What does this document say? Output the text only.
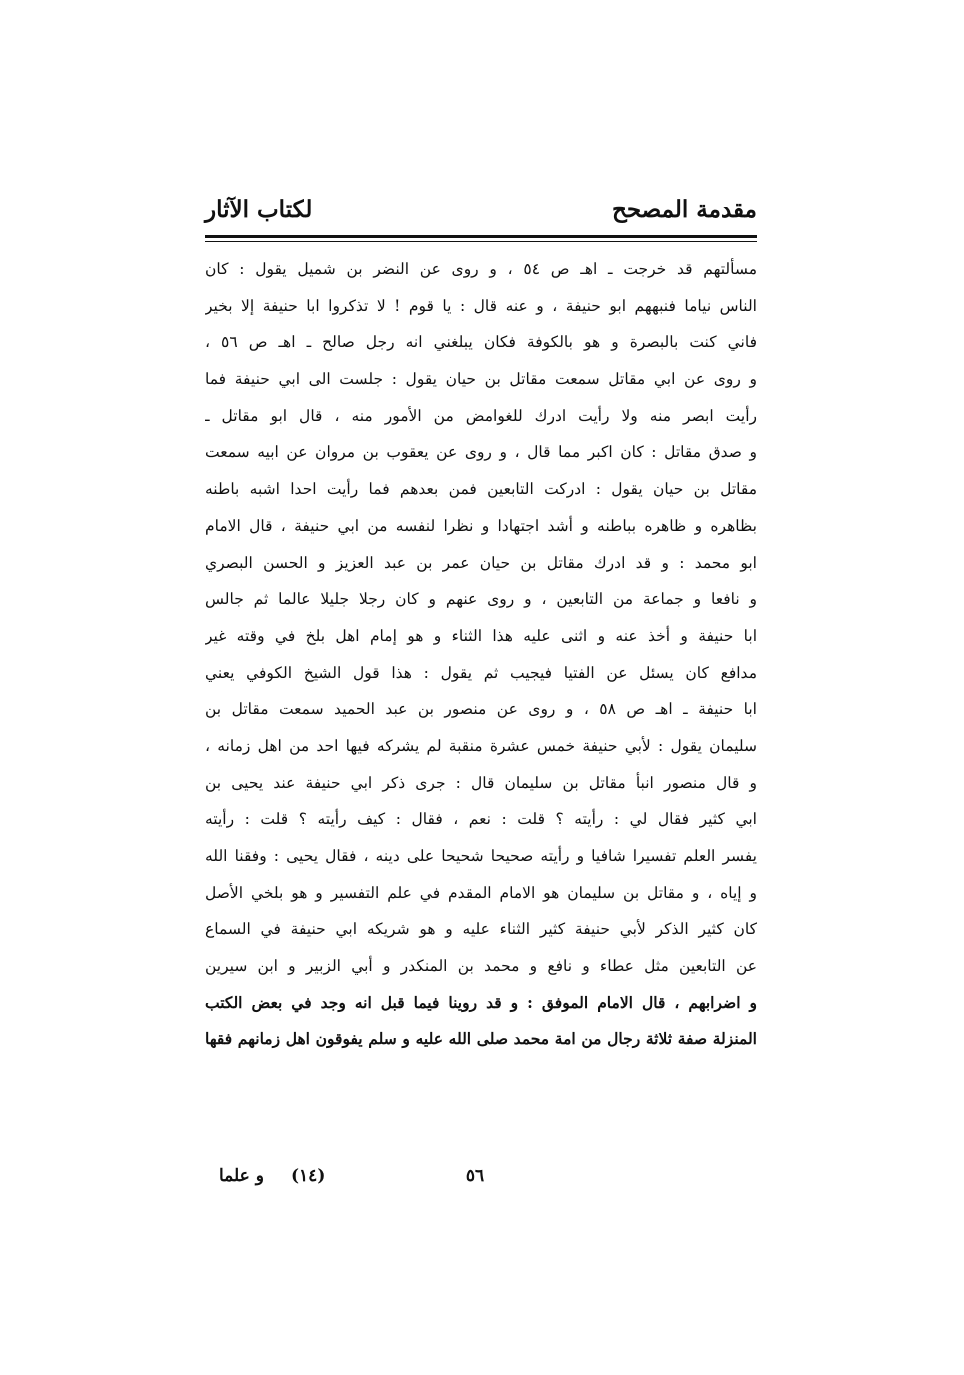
مقدمة المصحح
لكتاب الآثار
مسألتهم قد خرجت ـ اهـ ص ٥٤ ، و روى عن النضر بن شميل يقول : كان
الناس نياما فنبههم ابو حنيفة ، و عنه قال : يا قوم ! لا تذكروا ابا حنيفة إلا بخير
فاني كنت بالبصرة و هو بالكوفة فكان يبلغني انه رجل صالح ـ اهـ ص ٥٦ ،
و روى عن ابي مقاتل سمعت مقاتل بن حيان يقول : جلست الى ابي حنيفة فما
رأيت ابصر منه ولا رأيت ادرك للغوامض من الأمور منه ، قال ابو مقاتل ـ
و صدق مقاتل : كان اكبر مما قال ، و روى عن يعقوب بن مروان عن ابيه سمعت
مقاتل بن حيان يقول : ادركت التابعين فمن بعدهم فما رأيت احدا اشبه باطنه
بظاهره و ظاهره بباطنه و أشد اجتهادا و نظرا لنفسه من ابي حنيفة ، قال الامام
ابو محمد : و قد ادرك مقاتل بن حيان عمر بن عبد العزيز و الحسن البصري
و نافعا و جماعة من التابعين ، و روى عنهم و كان رجلا جليلا عالما ثم جالس
ابا حنيفة و أخذ عنه و اثنى عليه هذا الثناء و هو إمام اهل بلخ في وقته غير
مدافع كان يسئل عن الفتيا فيجيب ثم يقول : هذا قول الشيخ الكوفي يعني
ابا حنيفة ـ اهـ ص ٥٨ ، و روى عن منصور بن عبد الحميد سمعت مقاتل بن
سليمان يقول : لأبي حنيفة خمس عشرة منقبة لم يشركه فيها احد من اهل زمانه ،
و قال منصور انبأ مقاتل بن سليمان قال : جرى ذكر ابي حنيفة عند يحيى بن
ابي كثير فقال لي : رأيته ؟ قلت : نعم ، فقال : كيف رأيته ؟ قلت : رأيته
يفسر العلم تفسيرا شافيا و رأيته صحيحا شحيحا على دينه ، فقال يحيى : وفقنا الله
و إياه ، و مقاتل بن سليمان هو الامام المقدم في علم التفسير و هو بلخي الأصل
كان كثير الذكر لأبي حنيفة كثير الثناء عليه و هو شريكه ابي حنيفة في السماع
عن التابعين مثل عطاء و نافع و محمد بن المنكدر و أبي الزبير و ابن سيرين
و اضرابهم ، قال الامام الموفق : و قد روينا فيما قبل انه وجد في بعض الكتب
المنزلة صفة ثلاثة رجال من امة محمد صلى الله عليه و سلم يفوقون اهل زمانهم فقها
٥٦
(١٤)
و علما
